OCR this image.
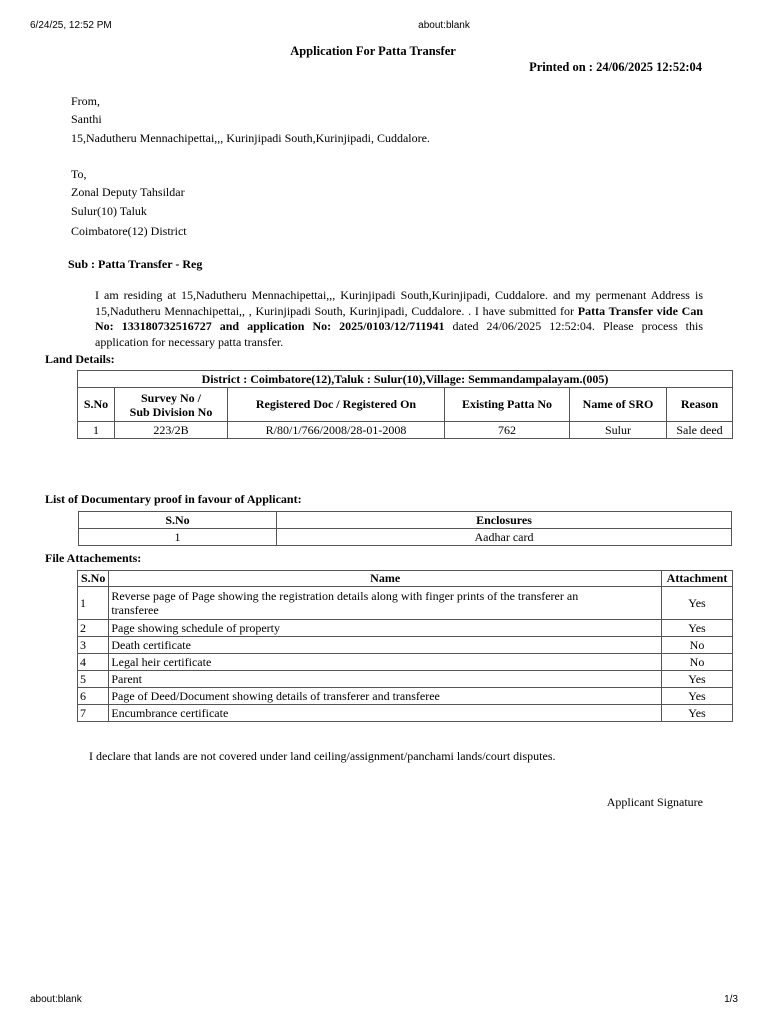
6/24/25, 12:52 PM	about:blank
Application For Patta Transfer
Printed on : 24/06/2025 12:52:04
From,
Santhi
15,Nadutheru Mennachipettai,,, Kurinjipadi South,Kurinjipadi, Cuddalore.
To,
Zonal Deputy Tahsildar
Sulur(10) Taluk
Coimbatore(12) District
Sub : Patta Transfer - Reg
I am residing at 15,Nadutheru Mennachipettai,,, Kurinjipadi South,Kurinjipadi, Cuddalore. and my permenant Address is 15,Nadutheru Mennachipettai,, , Kurinjipadi South, Kurinjipadi, Cuddalore. . I have submitted for Patta Transfer vide Can No: 133180732516727 and application No: 2025/0103/12/711941 dated 24/06/2025 12:52:04. Please process this application for necessary patta transfer.
Land Details:
District : Coimbatore(12),Taluk : Sulur(10),Village: Semmandampalayam.(005)					
S.No	Survey No /
Sub Division No	Registered Doc / Registered On	Existing Patta No	Name of SRO	Reason
1	223/2B	R/80/1/766/2008/28-01-2008	762	Sulur	Sale deed
List of Documentary proof in favour of Applicant:
S.No	Enclosures
1	Aadhar card
File Attachements:
S.No	Name	Attachment
1	Reverse page of Page showing the registration details along with finger prints of the transferer an
transferee	Yes
2	Page showing schedule of property	Yes
3	Death certificate	No
4	Legal heir certificate	No
5	Parent	Yes
6	Page of Deed/Document showing details of transferer and transferee	Yes
7	Encumbrance certificate	Yes
I declare that lands are not covered under land ceiling/assignment/panchami lands/court disputes.
Applicant Signature
about:blank	1/3
